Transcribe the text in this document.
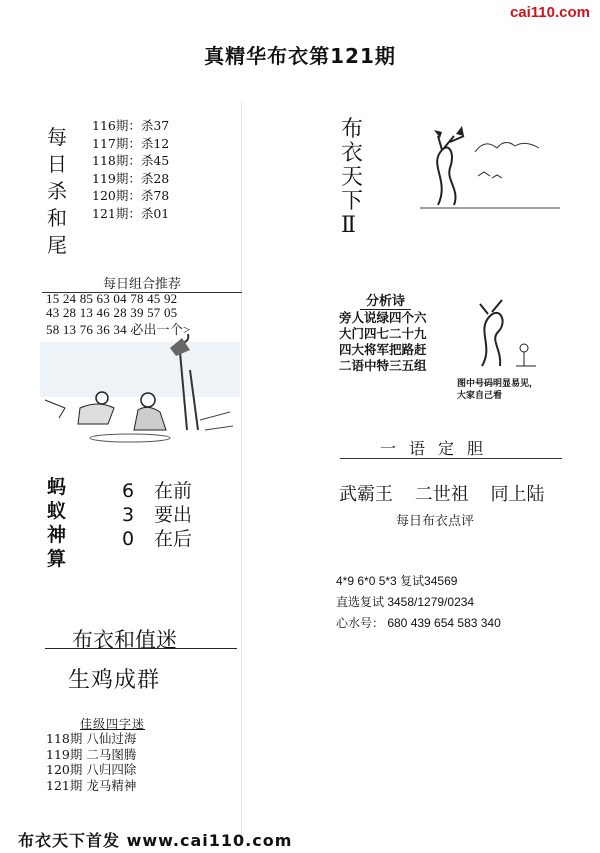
cai110.com
真精华布衣第121期
每
日
杀
和
尾
116期：杀37
117期：杀12
118期：杀45
119期：杀28
120期：杀78
121期：杀01
每日组合推荐
15 24 85 63 04 78 45 92
43 28 13 46 28 39 57 05
58 13 76 36 34 必出一个>
蚂
蚁
神
算
6 在前
3 要出
0 在后
布衣和值迷
生鸡成群
佳级四字迷
118期 八仙过海
119期 二马图腾
120期 八归四除
121期 龙马精神
布
衣
天
下
Ⅱ
分析诗
旁人说绿四个六
大门四七二十九
四大将军把路赶
二语中特三五组
图中号码明显易见，
大家自己看
一语定胆
武霸王 二世祖 同上陆
每日布衣点评
4*9 6*0 5*3 复试34569
直选复试 3458/1279/0234
心水号： 680 439 654 583 340
布衣天下首发 www.cai110.com
